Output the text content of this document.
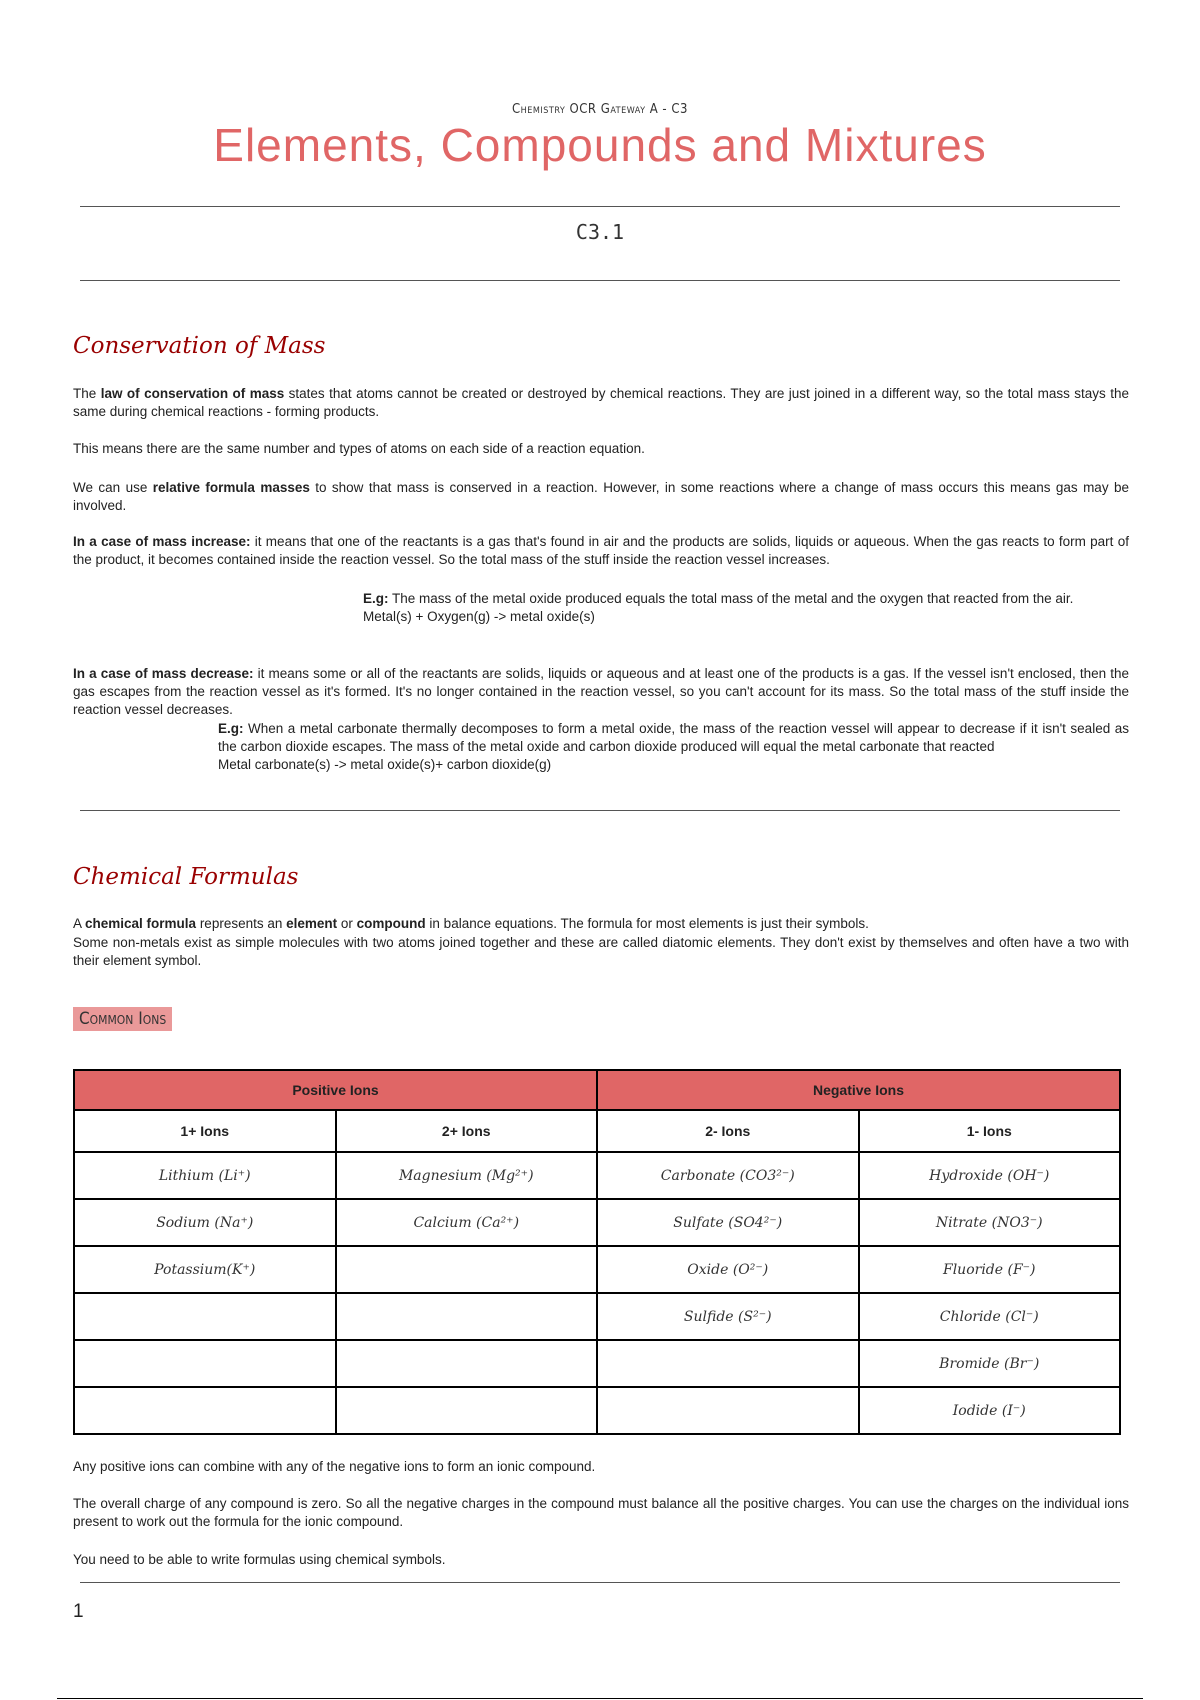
Chemistry OCR Gateway A - C3
Elements, Compounds and Mixtures
C3.1
Conservation of Mass

The law of conservation of mass states that atoms cannot be created or destroyed by chemical reactions. They are just joined in a different way, so the total mass stays the same during chemical reactions - forming products.

This means there are the same number and types of atoms on each side of a reaction equation.

We can use relative formula masses to show that mass is conserved in a reaction. However, in some reactions where a change of mass occurs this means gas may be involved.

In a case of mass increase: it means that one of the reactants is a gas that's found in air and the products are solids, liquids or aqueous. When the gas reacts to form part of the product, it becomes contained inside the reaction vessel. So the total mass of the stuff inside the reaction vessel increases.

E.g: The mass of the metal oxide produced equals the total mass of the metal and the oxygen that reacted from the air.
Metal(s) + Oxygen(g) -> metal oxide(s)

In a case of mass decrease: it means some or all of the reactants are solids, liquids or aqueous and at least one of the products is a gas. If the vessel isn't enclosed, then the gas escapes from the reaction vessel as it's formed. It's no longer contained in the reaction vessel, so you can't account for its mass. So the total mass of the stuff inside the reaction vessel decreases.

E.g: When a metal carbonate thermally decomposes to form a metal oxide, the mass of the reaction vessel will appear to decrease if it isn't sealed as the carbon dioxide escapes. The mass of the metal oxide and carbon dioxide produced will equal the metal carbonate that reacted
Metal carbonate(s) -> metal oxide(s)+ carbon dioxide(g)
Chemical Formulas

A chemical formula represents an element or compound in balance equations. The formula for most elements is just their symbols.

Some non-metals exist as simple molecules with two atoms joined together and these are called diatomic elements. They don't exist by themselves and often have a two with their element symbol.

Common Ions
Positive Ions		Negative Ions	
1+ Ions	2+ Ions	2- Ions	1- Ions
Lithium (Li⁺)	Magnesium (Mg²⁺)	Carbonate (CO3²⁻)	Hydroxide (OH⁻)
Sodium (Na⁺)	Calcium (Ca²⁺)	Sulfate (SO4²⁻)	Nitrate (NO3⁻)
Potassium(K⁺)		Oxide (O²⁻)	Fluoride (F⁻)
		Sulfide (S²⁻)	Chloride (Cl⁻)
			Bromide (Br⁻)
			Iodide (I⁻)

Any positive ions can combine with any of the negative ions to form an ionic compound.

The overall charge of any compound is zero. So all the negative charges in the compound must balance all the positive charges. You can use the charges on the individual ions present to work out the formula for the ionic compound.

You need to be able to write formulas using chemical symbols.

1
